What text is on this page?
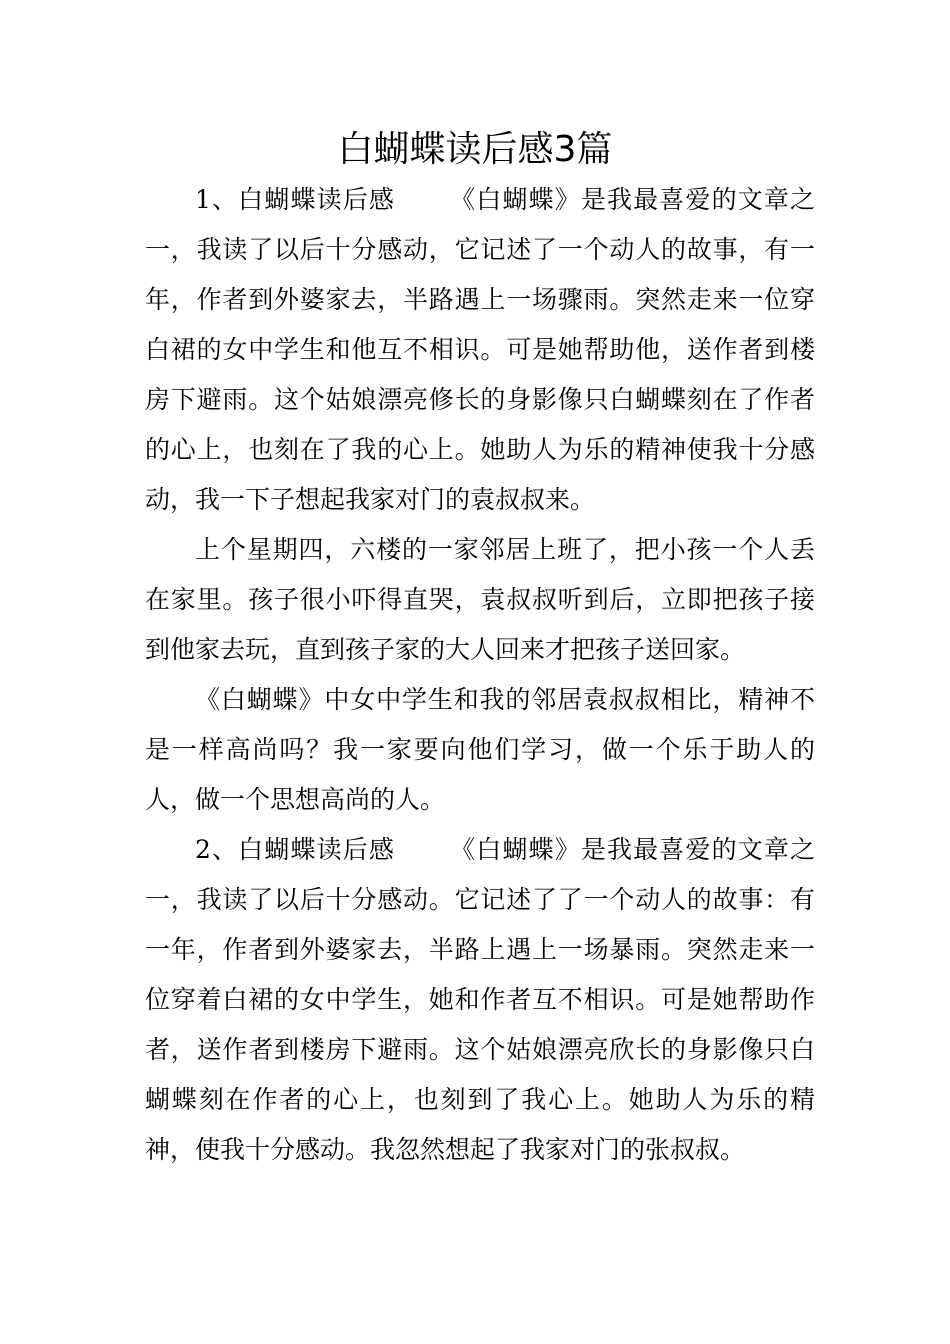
白蝴蝶读后感3篇

1、白蝴蝶读后感 《白蝴蝶》是我最喜爱的文章之一，我读了以后十分感动，它记述了一个动人的故事，有一年，作者到外婆家去，半路遇上一场骤雨。突然走来一位穿白裙的女中学生和他互不相识。可是她帮助他，送作者到楼房下避雨。这个姑娘漂亮修长的身影像只白蝴蝶刻在了作者的心上，也刻在了我的心上。她助人为乐的精神使我十分感动，我一下子想起我家对门的袁叔叔来。

上个星期四，六楼的一家邻居上班了，把小孩一个人丢在家里。孩子很小吓得直哭，袁叔叔听到后，立即把孩子接到他家去玩，直到孩子家的大人回来才把孩子送回家。

《白蝴蝶》中女中学生和我的邻居袁叔叔相比，精神不是一样高尚吗？我一家要向他们学习，做一个乐于助人的人，做一个思想高尚的人。

2、白蝴蝶读后感 《白蝴蝶》是我最喜爱的文章之一，我读了以后十分感动。它记述了了一个动人的故事：有一年，作者到外婆家去，半路上遇上一场暴雨。突然走来一位穿着白裙的女中学生，她和作者互不相识。可是她帮助作者，送作者到楼房下避雨。这个姑娘漂亮欣长的身影像只白蝴蝶刻在作者的心上，也刻到了我心上。她助人为乐的精神，使我十分感动。我忽然想起了我家对门的张叔叔。
